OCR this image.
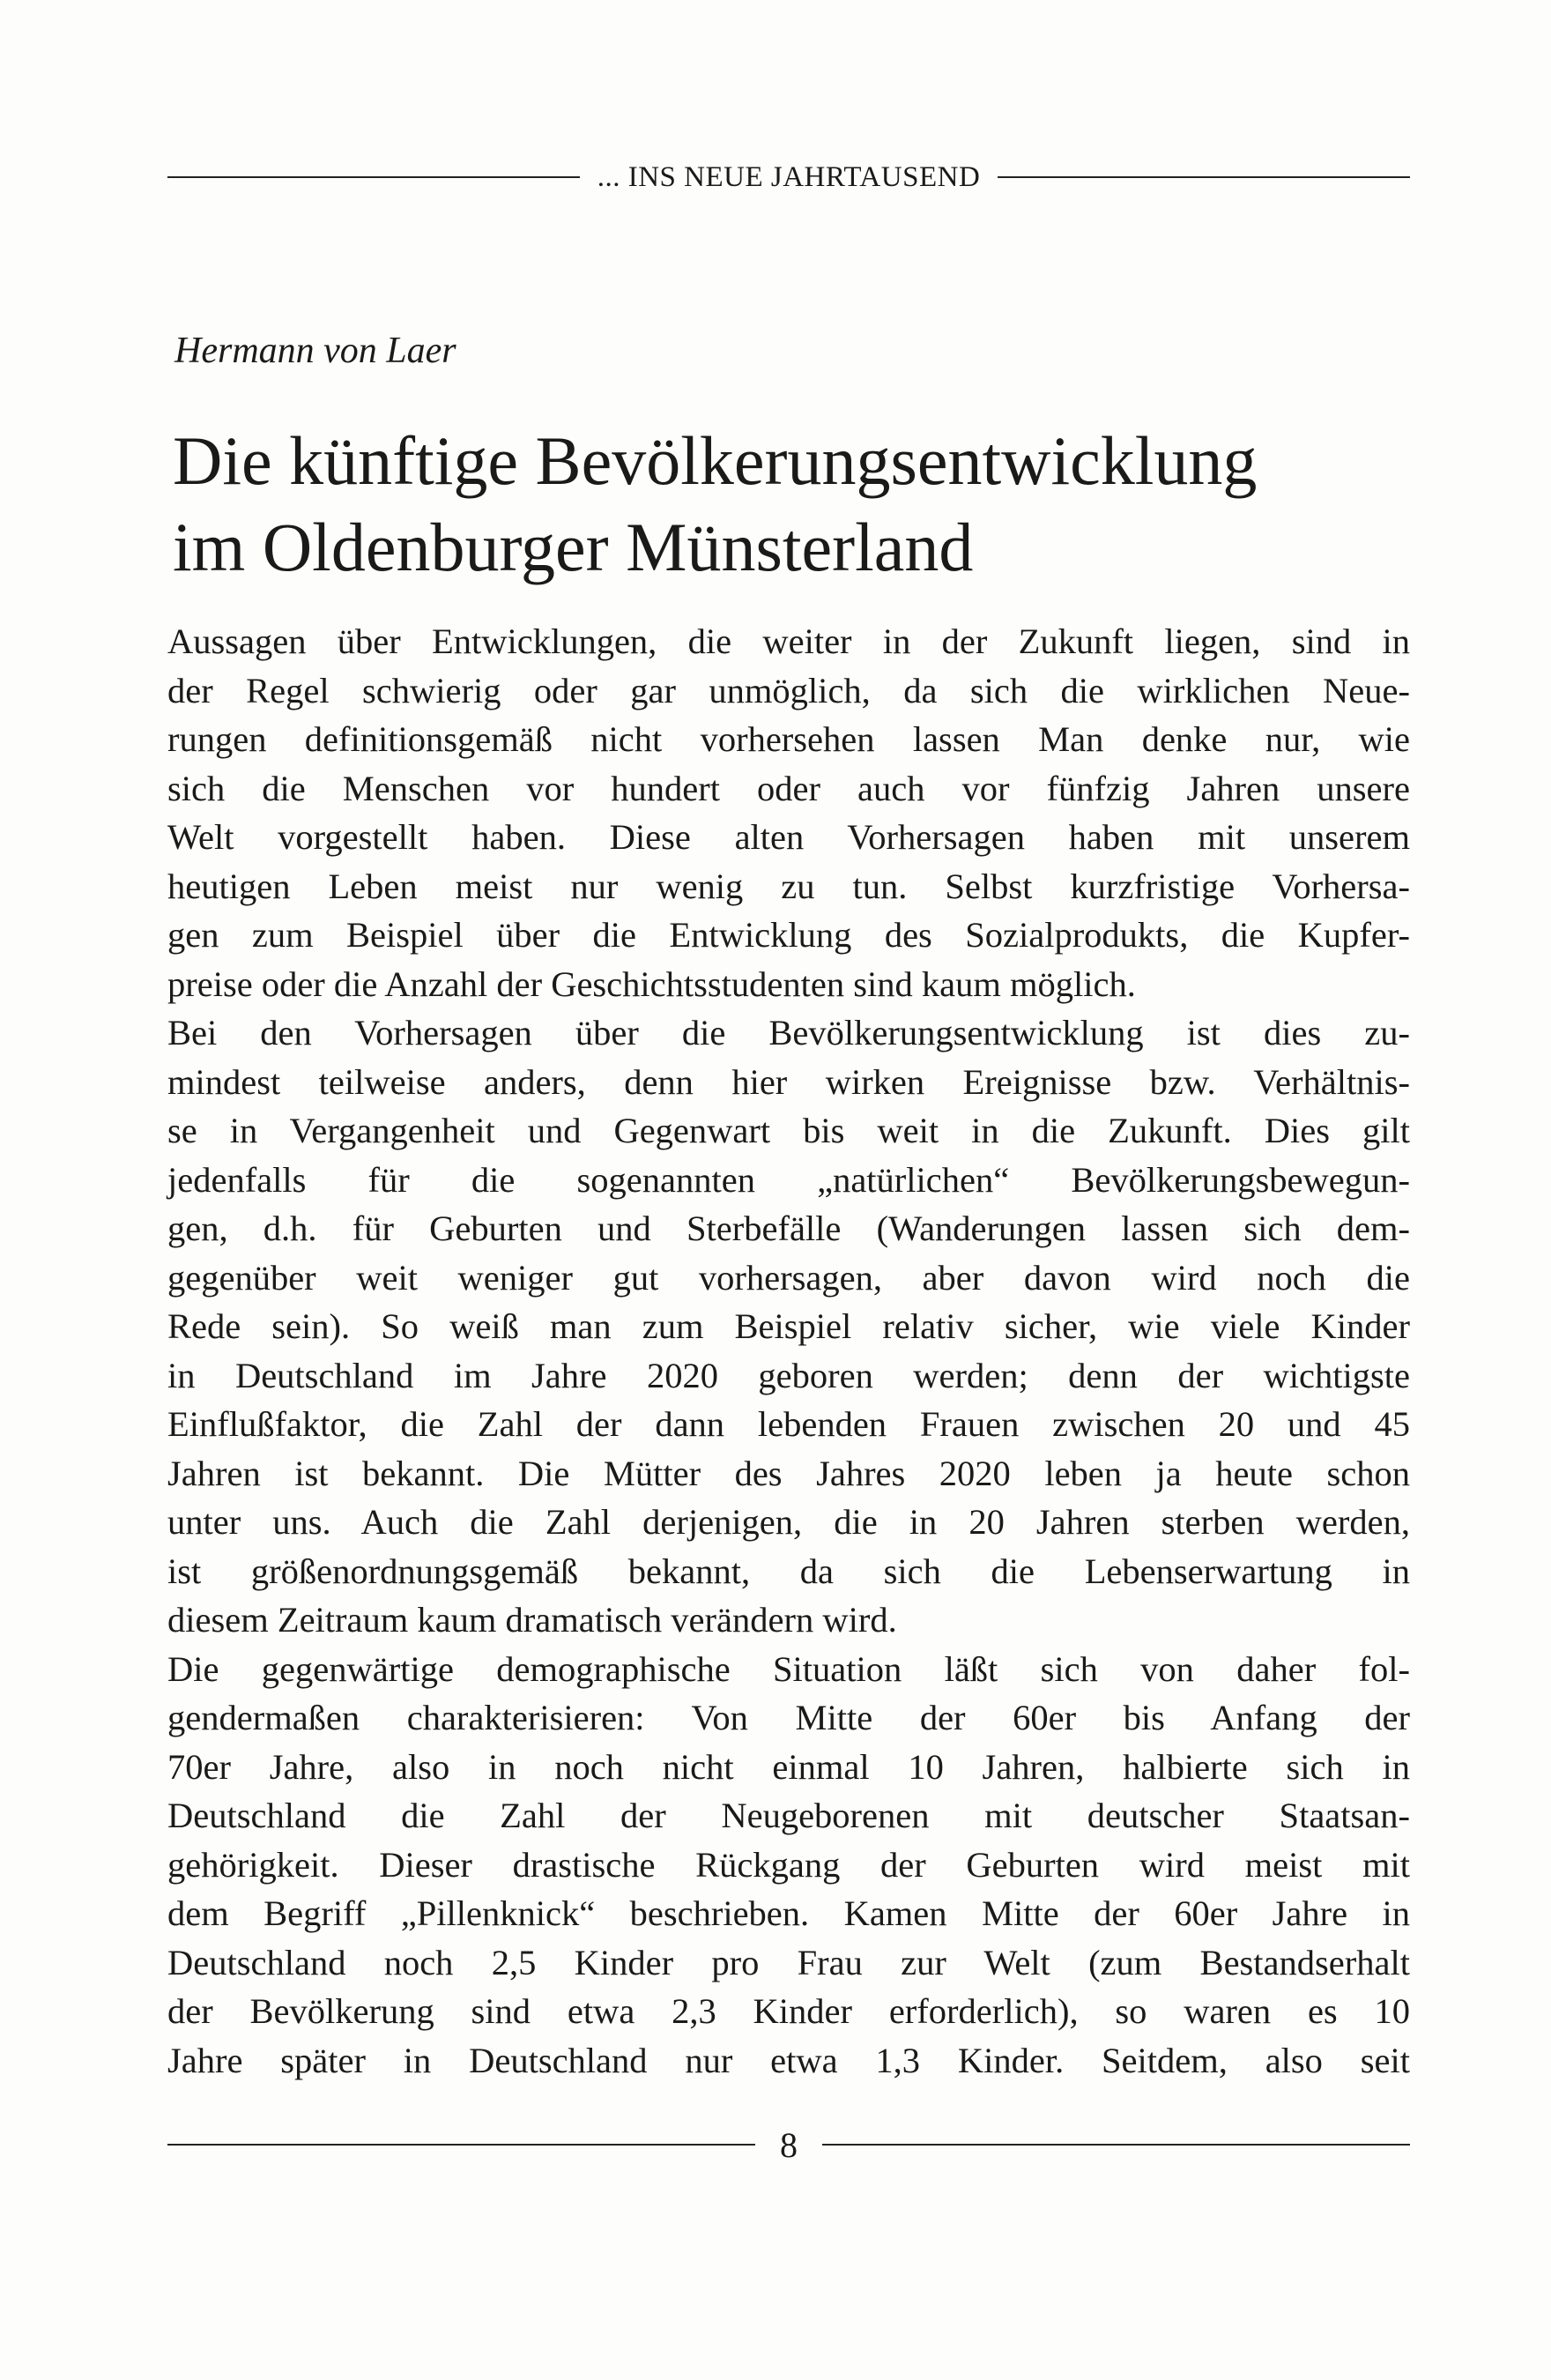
... INS NEUE JAHRTAUSEND
Hermann von Laer
Die künftige Bevölkerungsentwicklung
im Oldenburger Münsterland
Aussagen über Entwicklungen, die weiter in der Zukunft liegen, sind in
der Regel schwierig oder gar unmöglich, da sich die wirklichen Neue-
rungen definitionsgemäß nicht vorhersehen lassen Man denke nur, wie
sich die Menschen vor hundert oder auch vor fünfzig Jahren unsere
Welt vorgestellt haben. Diese alten Vorhersagen haben mit unserem
heutigen Leben meist nur wenig zu tun. Selbst kurzfristige Vorhersa-
gen zum Beispiel über die Entwicklung des Sozialprodukts, die Kupfer-
preise oder die Anzahl der Geschichtsstudenten sind kaum möglich.
Bei den Vorhersagen über die Bevölkerungsentwicklung ist dies zu-
mindest teilweise anders, denn hier wirken Ereignisse bzw. Verhältnis-
se in Vergangenheit und Gegenwart bis weit in die Zukunft. Dies gilt
jedenfalls für die sogenannten „natürlichen“ Bevölkerungsbewegun-
gen, d.h. für Geburten und Sterbefälle (Wanderungen lassen sich dem-
gegenüber weit weniger gut vorhersagen, aber davon wird noch die
Rede sein). So weiß man zum Beispiel relativ sicher, wie viele Kinder
in Deutschland im Jahre 2020 geboren werden; denn der wichtigste
Einflußfaktor, die Zahl der dann lebenden Frauen zwischen 20 und 45
Jahren ist bekannt. Die Mütter des Jahres 2020 leben ja heute schon
unter uns. Auch die Zahl derjenigen, die in 20 Jahren sterben werden,
ist größenordnungsgemäß bekannt, da sich die Lebenserwartung in
diesem Zeitraum kaum dramatisch verändern wird.
Die gegenwärtige demographische Situation läßt sich von daher fol-
gendermaßen charakterisieren: Von Mitte der 60er bis Anfang der
70er Jahre, also in noch nicht einmal 10 Jahren, halbierte sich in
Deutschland die Zahl der Neugeborenen mit deutscher Staatsan-
gehörigkeit. Dieser drastische Rückgang der Geburten wird meist mit
dem Begriff „Pillenknick“ beschrieben. Kamen Mitte der 60er Jahre in
Deutschland noch 2,5 Kinder pro Frau zur Welt (zum Bestandserhalt
der Bevölkerung sind etwa 2,3 Kinder erforderlich), so waren es 10
Jahre später in Deutschland nur etwa 1,3 Kinder. Seitdem, also seit
8
